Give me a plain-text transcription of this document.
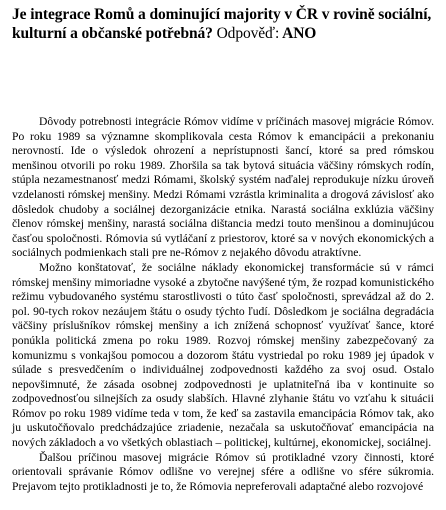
Je integrace Romů a dominující majority v ČR v rovině sociální, kulturní a občanské potřebná? Odpověď: ANO

Dôvody potrebnosti integrácie Rómov vidíme v príčinách masovej migrácie Rómov. Po roku 1989 sa významne skomplikovala cesta Rómov k emancipácii a prekonaniu nerovností. Ide o výsledok ohrození a neprístupnosti šancí, ktoré sa pred rómskou menšinou otvorili po roku 1989. Zhoršila sa tak bytová situácia väčšiny rómskych rodín, stúpla nezamestnanosť medzi Rómami, školský systém naďalej reprodukuje nízku úroveň vzdelanosti rómskej menšiny. Medzi Rómami vzrástla kriminalita a drogová závislosť ako dôsledok chudoby a sociálnej dezorganizácie etnika. Narastá sociálna exklúzia väčšiny členov rómskej menšiny, narastá sociálna dištancia medzi touto menšinou a dominujúcou časťou spoločnosti. Rómovia sú vytláčaní z priestorov, ktoré sa v nových ekonomických a sociálnych podmienkach stali pre ne-Rómov z nejakého dôvodu atraktívne.

Možno konštatovať, že sociálne náklady ekonomickej transformácie sú v rámci rómskej menšiny mimoriadne vysoké a zbytočne navýšené tým, že rozpad komunistického režimu vybudovaného systému starostlivosti o túto časť spoločnosti, sprevádzal až do 2. pol. 90-tych rokov nezáujem štátu o osudy týchto ľudí. Dôsledkom je sociálna degradácia väčšiny príslušníkov rómskej menšiny a ich znížená schopnosť využívať šance, ktoré ponúkla politická zmena po roku 1989. Rozvoj rómskej menšiny zabezpečovaný za komunizmu s vonkajšou pomocou a dozorom štátu vystriedal po roku 1989 jej úpadok v súlade s presvedčením o individuálnej zodpovednosti každého za svoj osud. Ostalo nepovšimnuté, že zásada osobnej zodpovednosti je uplatniteľná iba v kontinuite so zodpovednosťou silnejších za osudy slabších. Hlavné zlyhanie štátu vo vzťahu k situácii Rómov po roku 1989 vidíme teda v tom, že keď sa zastavila emancipácia Rómov tak, ako ju uskutočňovalo predchádzajúce zriadenie, nezačala sa uskutočňovať emancipácia na nových základoch a vo všetkých oblastiach – politickej, kultúrnej, ekonomickej, sociálnej.

Ďalšou príčinou masovej migrácie Rómov sú protikladné vzory činnosti, ktoré orientovali správanie Rómov odlišne vo verejnej sfére a odlišne vo sfére súkromia. Prejavom tejto protikladnosti je to, že Rómovia nepreferovali adaptačné alebo rozvojové
